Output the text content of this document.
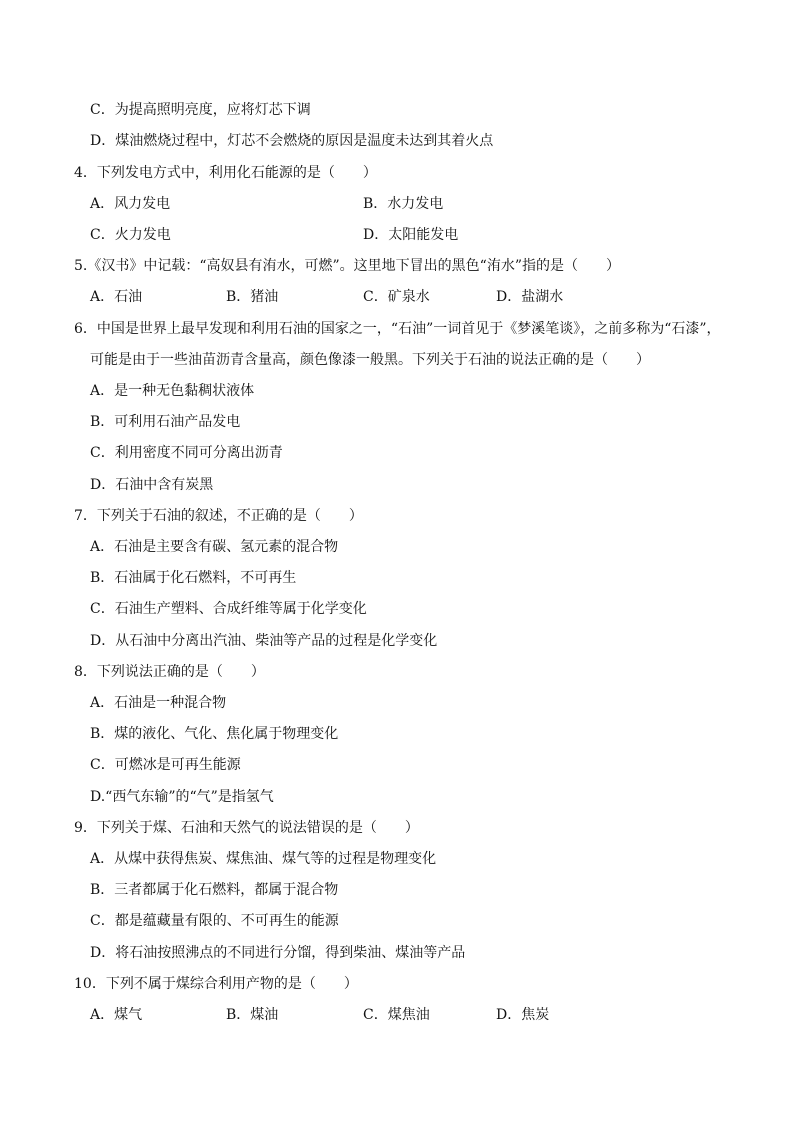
C．为提高照明亮度，应将灯芯下调
D．煤油燃烧过程中，灯芯不会燃烧的原因是温度未达到其着火点
4．下列发电方式中，利用化石能源的是（　　）
A．风力发电	B．水力发电
C．火力发电	D．太阳能发电
5.《汉书》中记载：“高奴县有洧水，可燃”。这里地下冒出的黑色“洧水”指的是（　　）
A．石油	B．猪油	C．矿泉水	D．盐湖水
6．中国是世界上最早发现和利用石油的国家之一，“石油”一词首见于《梦溪笔谈》，之前多称为“石漆”，
可能是由于一些油苗沥青含量高，颜色像漆一般黑。下列关于石油的说法正确的是（　　）
A．是一种无色黏稠状液体
B．可利用石油产品发电
C．利用密度不同可分离出沥青
D．石油中含有炭黑
7．下列关于石油的叙述，不正确的是（　　）
A．石油是主要含有碳、氢元素的混合物
B．石油属于化石燃料，不可再生
C．石油生产塑料、合成纤维等属于化学变化
D．从石油中分离出汽油、柴油等产品的过程是化学变化
8．下列说法正确的是（　　）
A．石油是一种混合物
B．煤的液化、气化、焦化属于物理变化
C．可燃冰是可再生能源
D.“西气东输”的“气”是指氢气
9．下列关于煤、石油和天然气的说法错误的是（　　）
A．从煤中获得焦炭、煤焦油、煤气等的过程是物理变化
B．三者都属于化石燃料，都属于混合物
C．都是蕴藏量有限的、不可再生的能源
D．将石油按照沸点的不同进行分馏，得到柴油、煤油等产品
10．下列不属于煤综合利用产物的是（　　）
A．煤气	B．煤油	C．煤焦油	D．焦炭
